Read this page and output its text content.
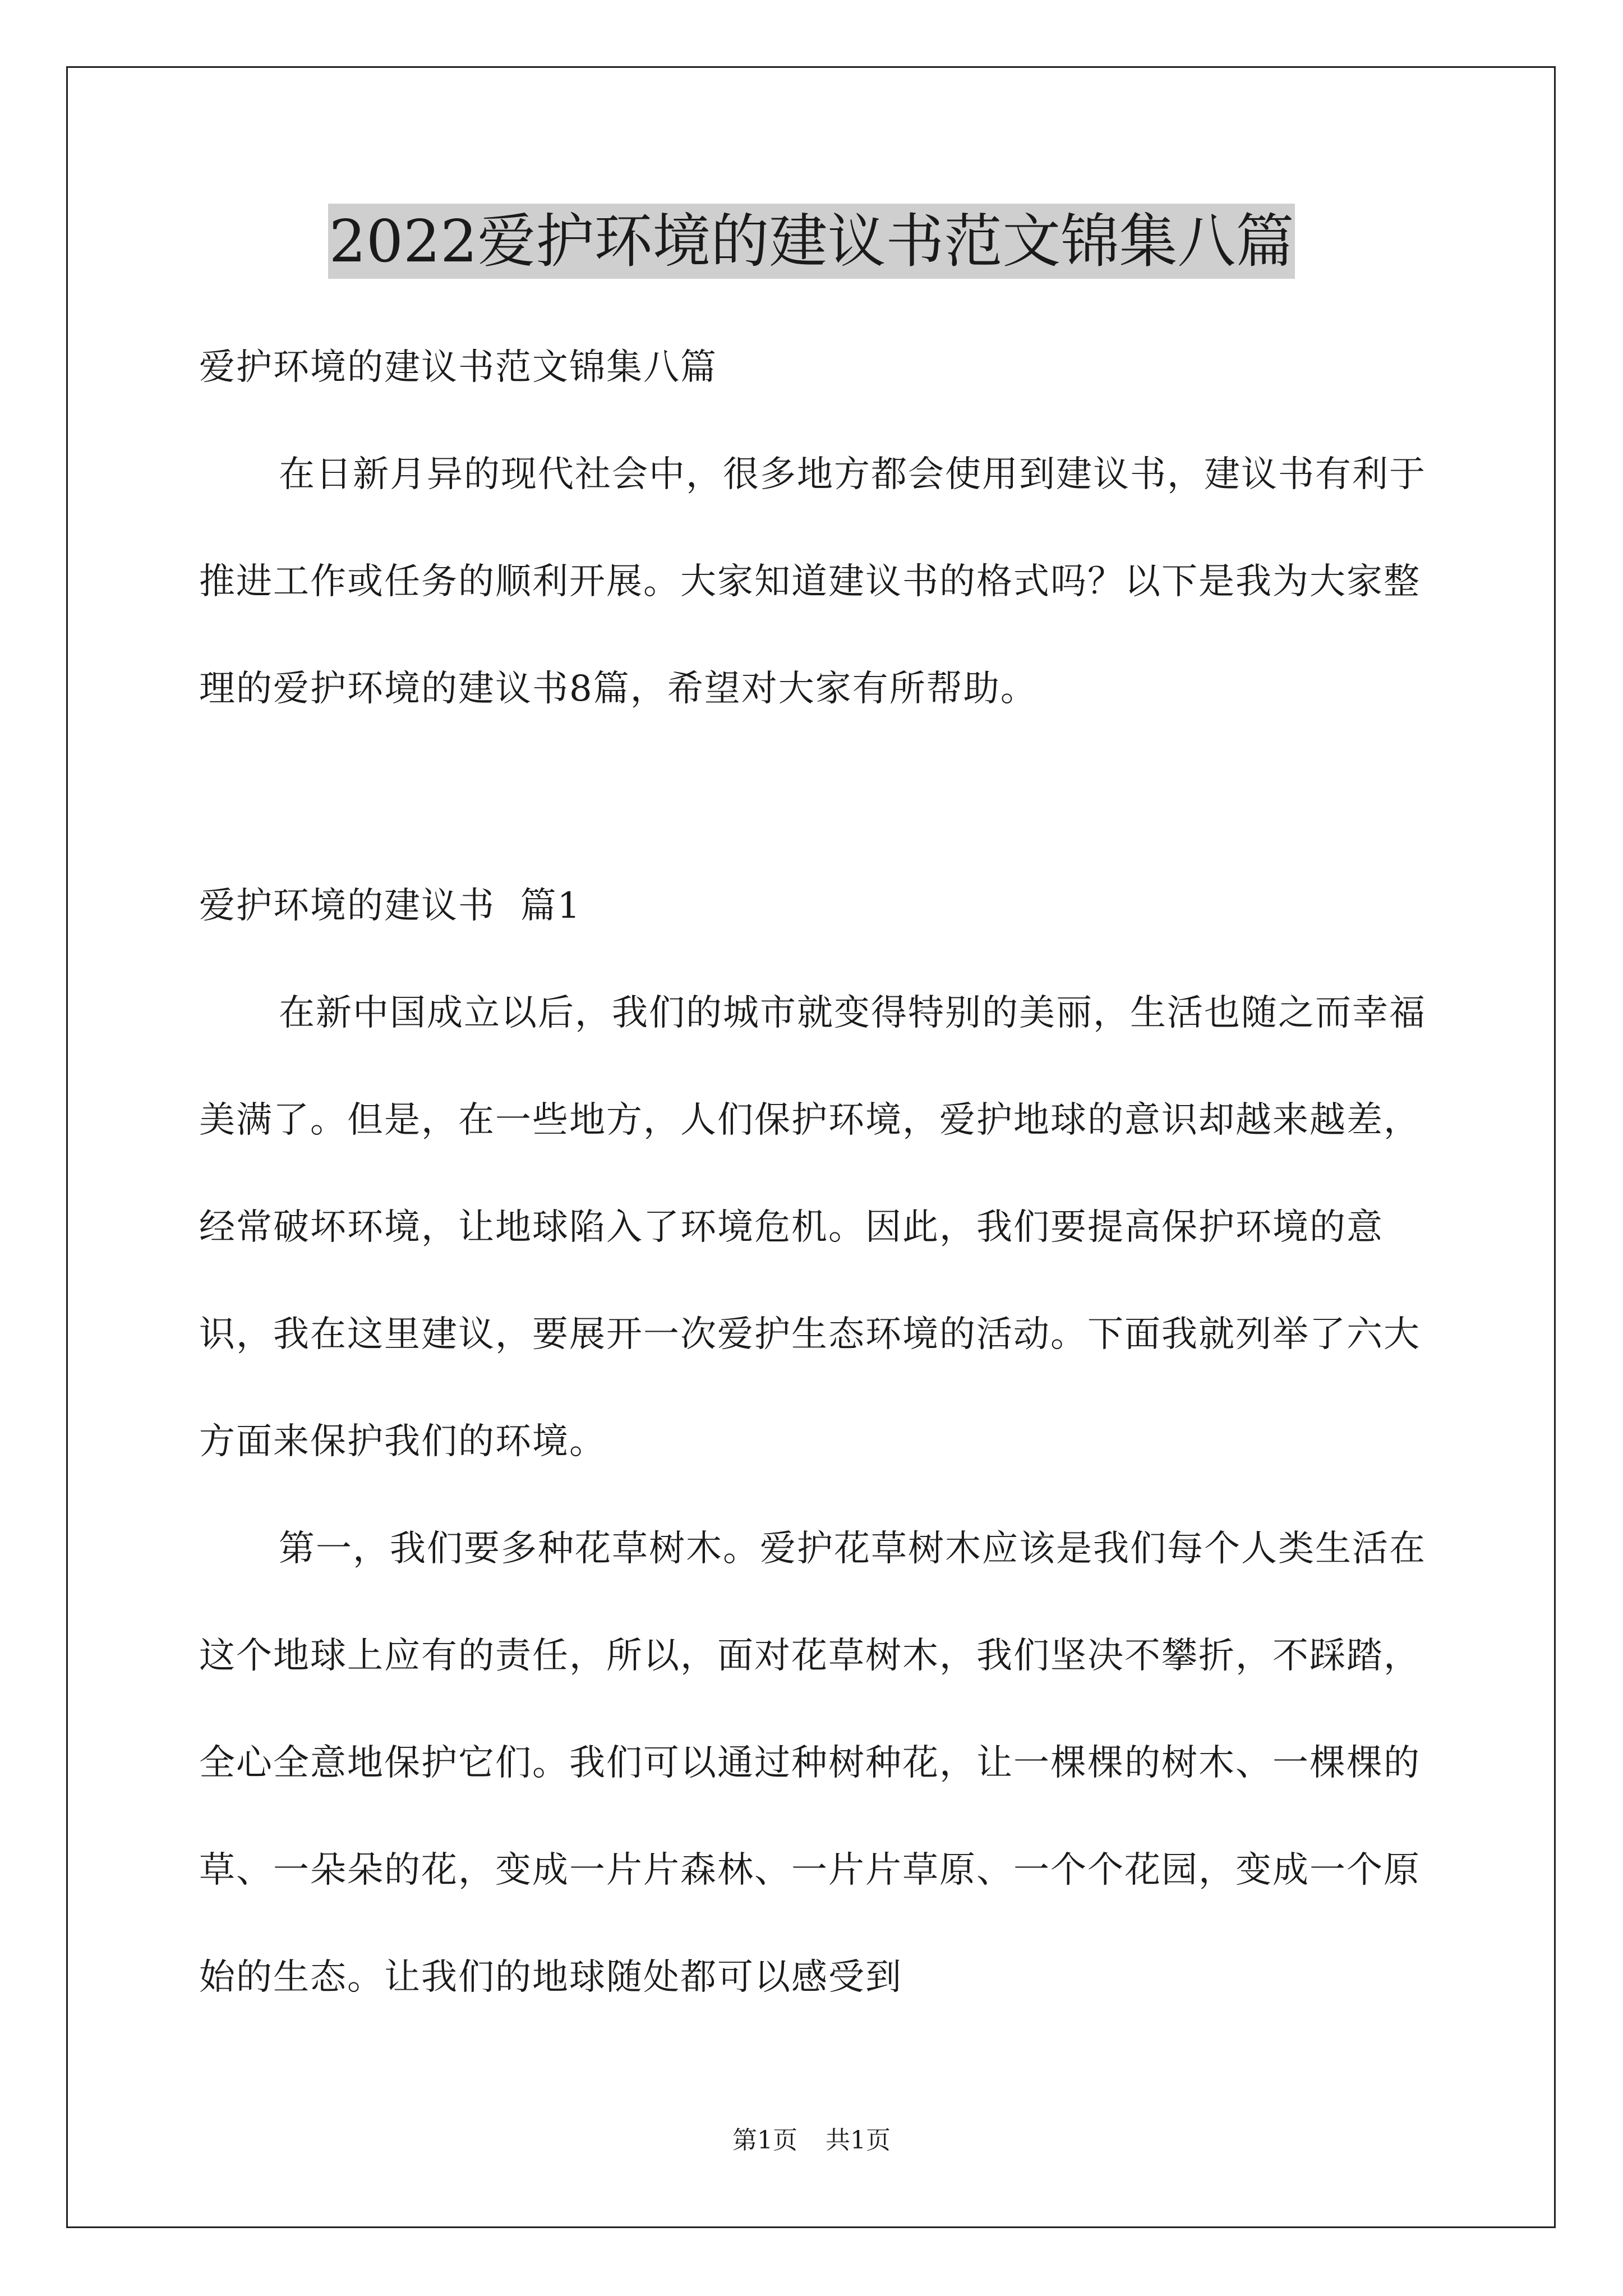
2022爱护环境的建议书范文锦集八篇

爱护环境的建议书范文锦集八篇

在日新月异的现代社会中，很多地方都会使用到建议书，建议书有利于推进工作或任务的顺利开展。大家知道建议书的格式吗？以下是我为大家整理的爱护环境的建议书8篇，希望对大家有所帮助。

爱护环境的建议书  篇1

在新中国成立以后，我们的城市就变得特别的美丽，生活也随之而幸福美满了。但是，在一些地方，人们保护环境，爱护地球的意识却越来越差，经常破坏环境，让地球陷入了环境危机。因此，我们要提高保护环境的意识，我在这里建议，要展开一次爱护生态环境的活动。下面我就列举了六大方面来保护我们的环境。

第一，我们要多种花草树木。爱护花草树木应该是我们每个人类生活在这个地球上应有的责任，所以，面对花草树木，我们坚决不攀折，不踩踏，全心全意地保护它们。我们可以通过种树种花，让一棵棵的树木、一棵棵的草、一朵朵的花，变成一片片森林、一片片草原、一个个花园，变成一个原始的生态。让我们的地球随处都可以感受到

第1页 共1页
